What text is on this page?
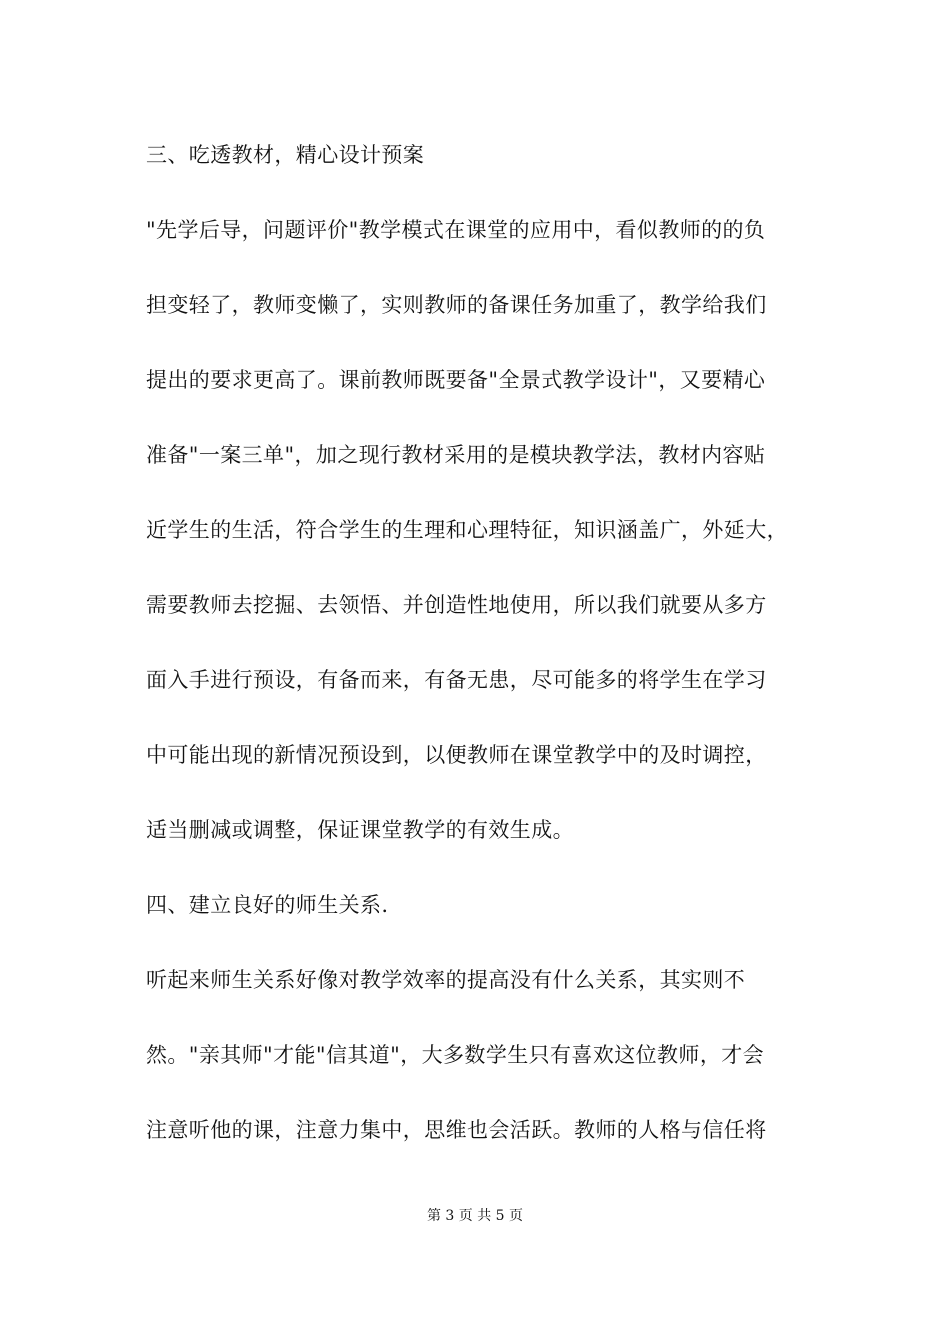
三、吃透教材，精心设计预案
"先学后导，问题评价"教学模式在课堂的应用中，看似教师的的负
担变轻了，教师变懒了，实则教师的备课任务加重了，教学给我们
提出的要求更高了。课前教师既要备"全景式教学设计"，又要精心
准备"一案三单"，加之现行教材采用的是模块教学法，教材内容贴
近学生的生活，符合学生的生理和心理特征，知识涵盖广，外延大，
需要教师去挖掘、去领悟、并创造性地使用，所以我们就要从多方
面入手进行预设，有备而来，有备无患，尽可能多的将学生在学习
中可能出现的新情况预设到，以便教师在课堂教学中的及时调控，
适当删减或调整，保证课堂教学的有效生成。
四、建立良好的师生关系.
听起来师生关系好像对教学效率的提高没有什么关系，其实则不
然。"亲其师"才能"信其道"，大多数学生只有喜欢这位教师，才会
注意听他的课，注意力集中，思维也会活跃。教师的人格与信任将
第 3 页 共 5 页
